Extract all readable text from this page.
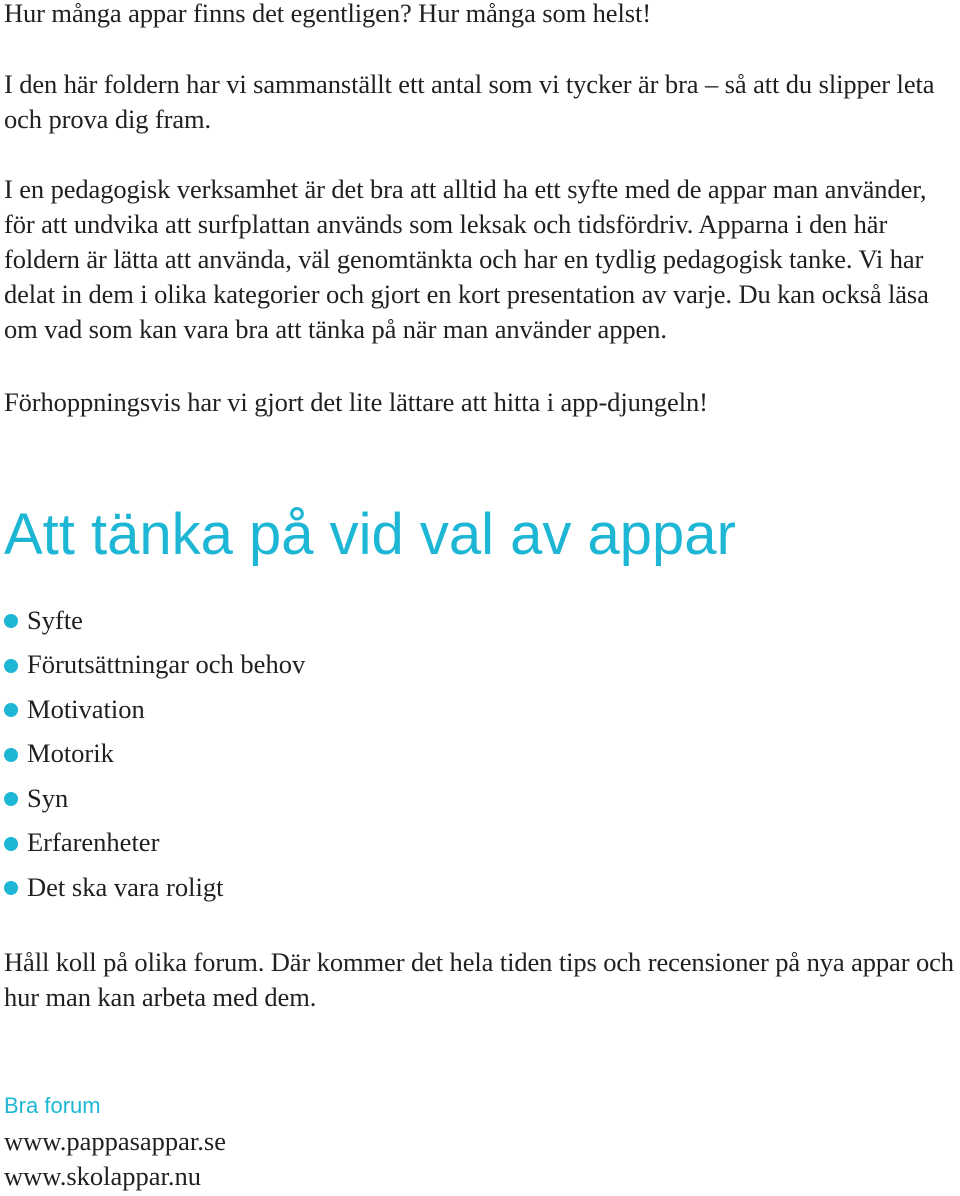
Hur många appar finns det egentligen? Hur många som helst!

I den här foldern har vi sammanställt ett antal som vi tycker är bra – så att du slipper leta och prova dig fram.

I en pedagogisk verksamhet är det bra att alltid ha ett syfte med de appar man använder, för att undvika att surfplattan används som leksak och tidsfördriv. Apparna i den här foldern är lätta att använda, väl genomtänkta och har en tydlig pedagogisk tanke. Vi har delat in dem i olika kategorier och gjort en kort presentation av varje. Du kan också läsa om vad som kan vara bra att tänka på när man använder appen.

Förhoppningsvis har vi gjort det lite lättare att hitta i app-djungeln!

Att tänka på vid val av appar
Syfte
Förutsättningar och behov
Motivation
Motorik
Syn
Erfarenheter
Det ska vara roligt

Håll koll på olika forum. Där kommer det hela tiden tips och recensioner på nya appar och hur man kan arbeta med dem.

Bra forum
www.pappasappar.se
www.skolappar.nu
